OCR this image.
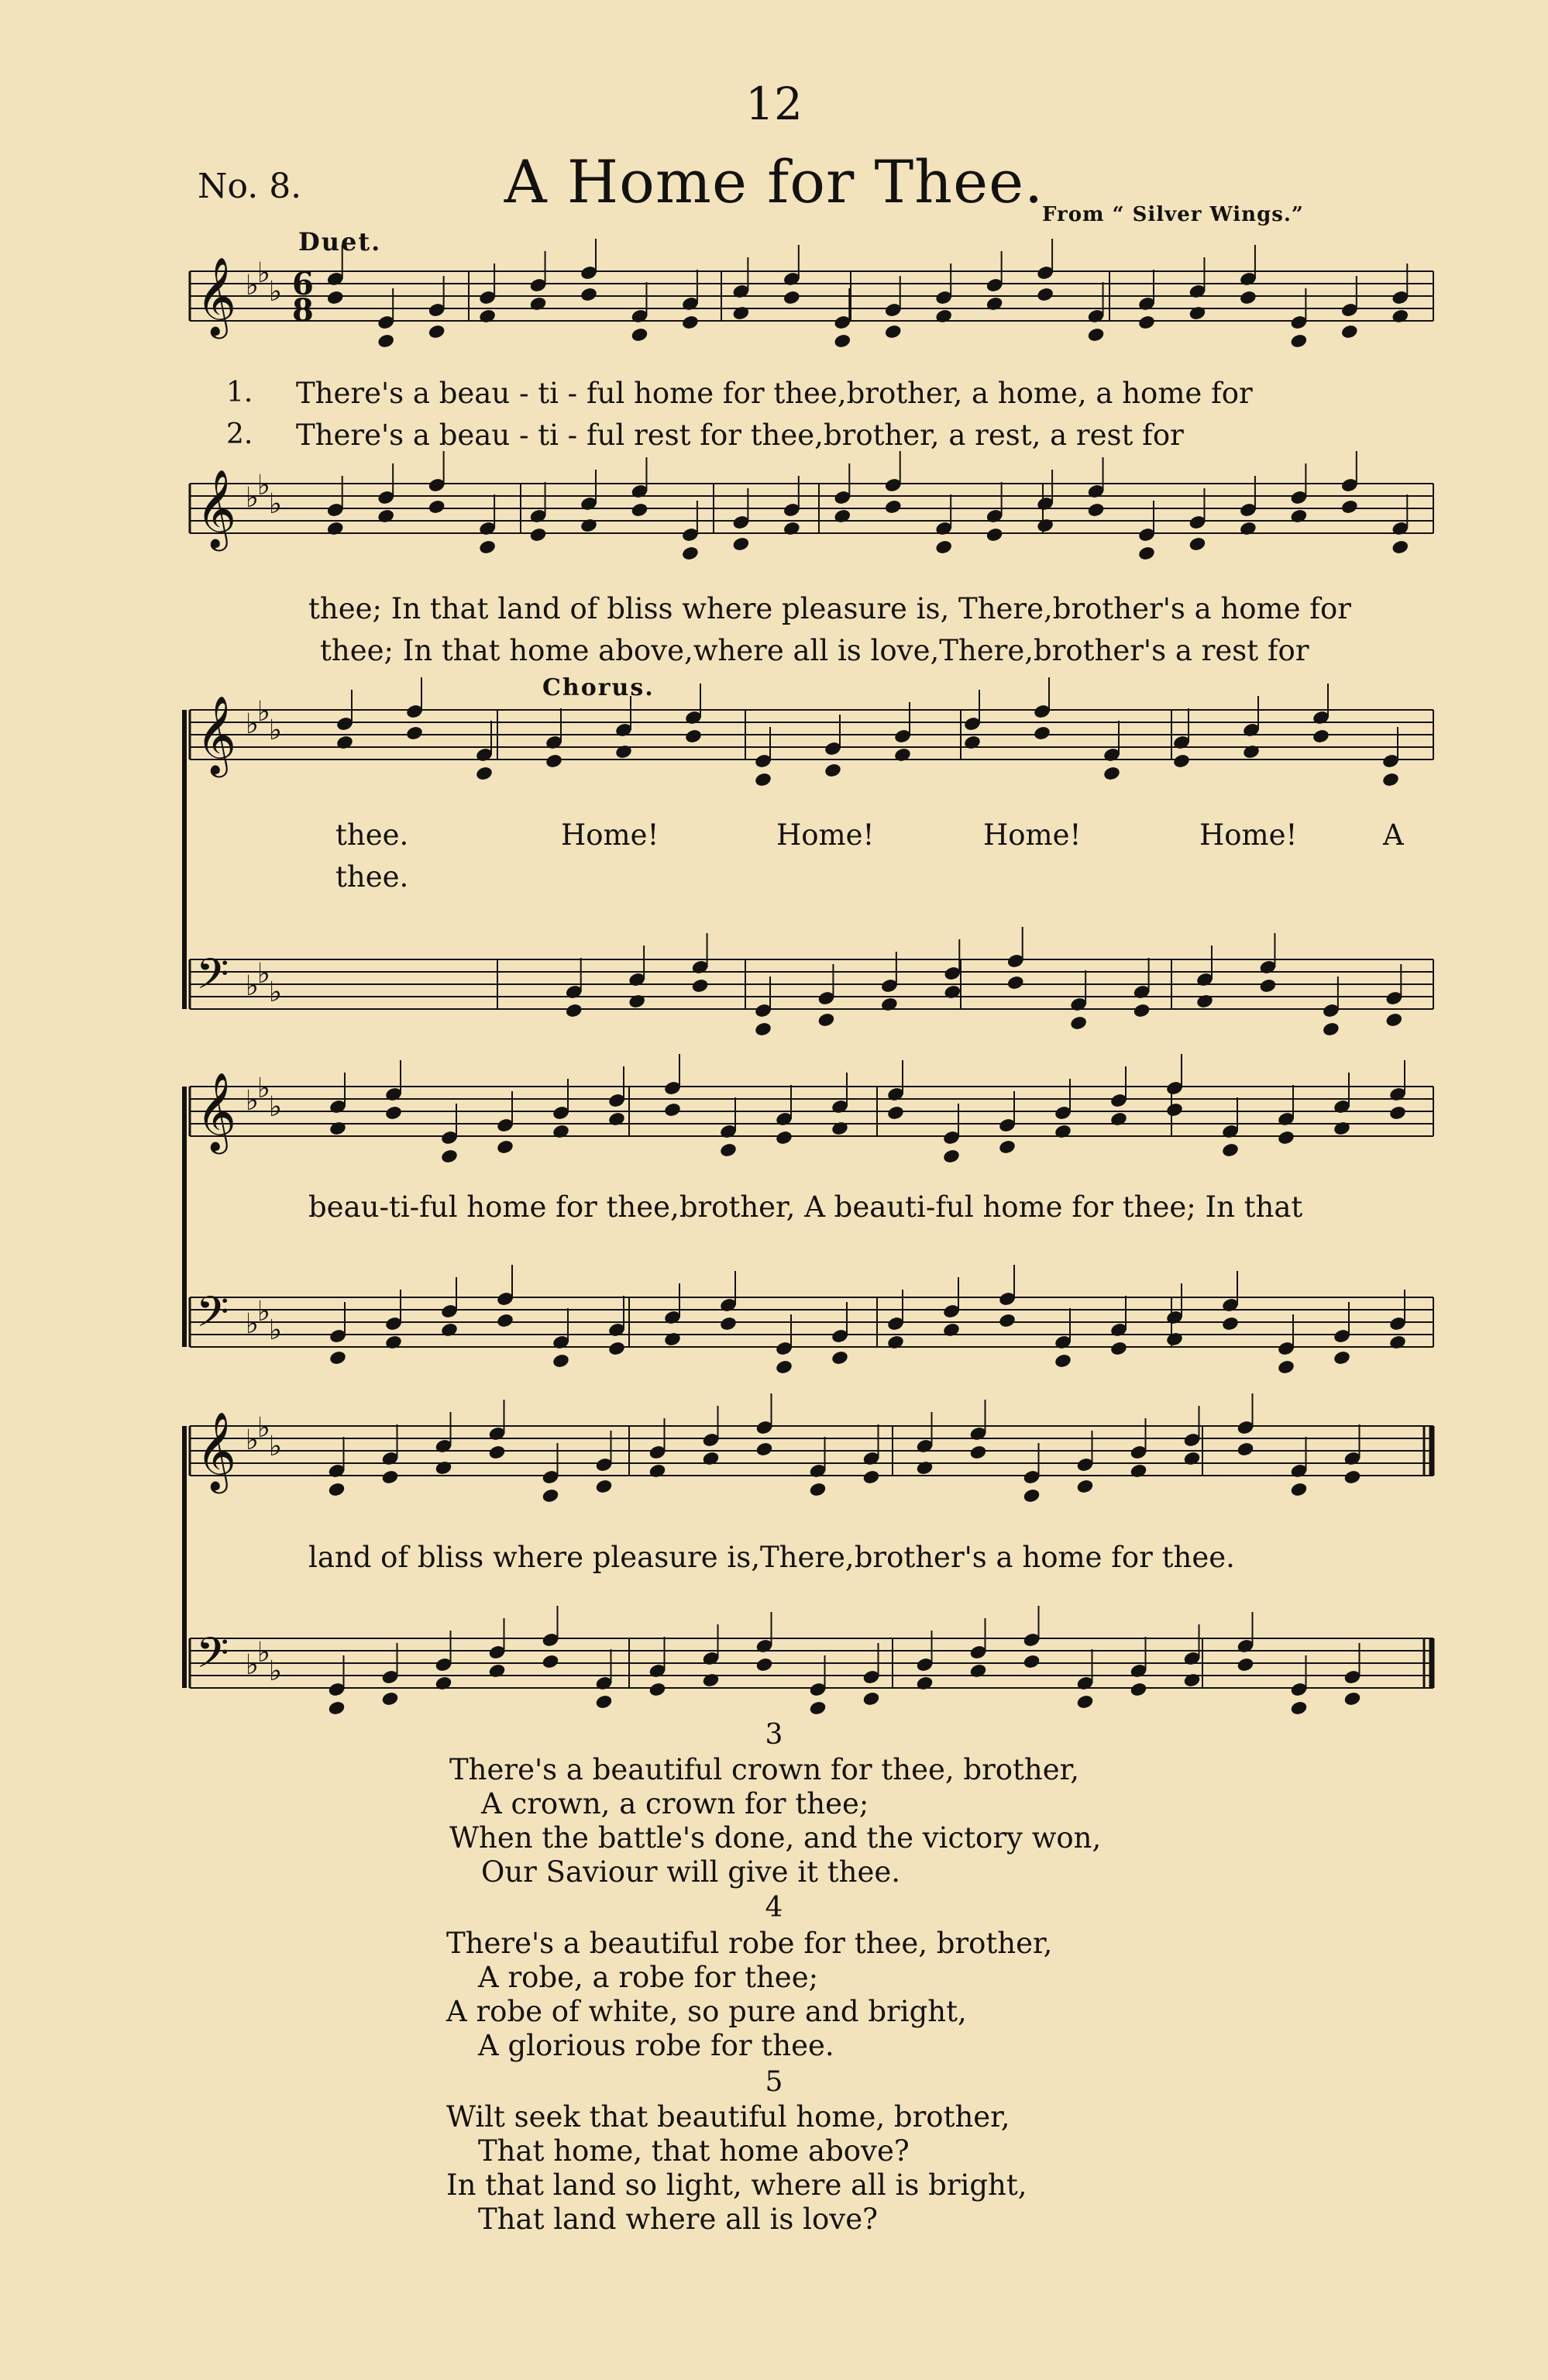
12
No. 8.	A Home for Thee.
From “ Silver Wings.”
Duet.
Chorus.
6
8
𝄞 ♭
♭
♭
𝄞 ♭
♭
♭
𝄞 ♭
♭
♭
𝄢 ♭
♭
♭
𝄞 ♭
♭
♭
𝄢 ♭
♭
♭
𝄞 ♭
♭
♭
𝄢 ♭
♭
♭
1. There's a beau - ti - ful home for thee,brother, a home, a home for
2. There's a beau - ti - ful rest for thee,brother, a rest, a rest for
thee; In that land of bliss where pleasure is, There,brother's a home for
thee; In that home above,where all is love,There,brother's a rest for
thee.	Home!	Home!	Home!	Home!	A
thee.
beau-ti-ful home for thee,brother, A beauti-ful home for thee; In that
land of bliss where pleasure is,There,brother's a home for thee.
3
There's a beautiful crown for thee, brother,
A crown, a crown for thee;
When the battle's done, and the victory won,
Our Saviour will give it thee.
4
There's a beautiful robe for thee, brother,
A robe, a robe for thee;
A robe of white, so pure and bright,
A glorious robe for thee.
5
Wilt seek that beautiful home, brother,
That home, that home above?
In that land so light, where all is bright,
That land where all is love?
